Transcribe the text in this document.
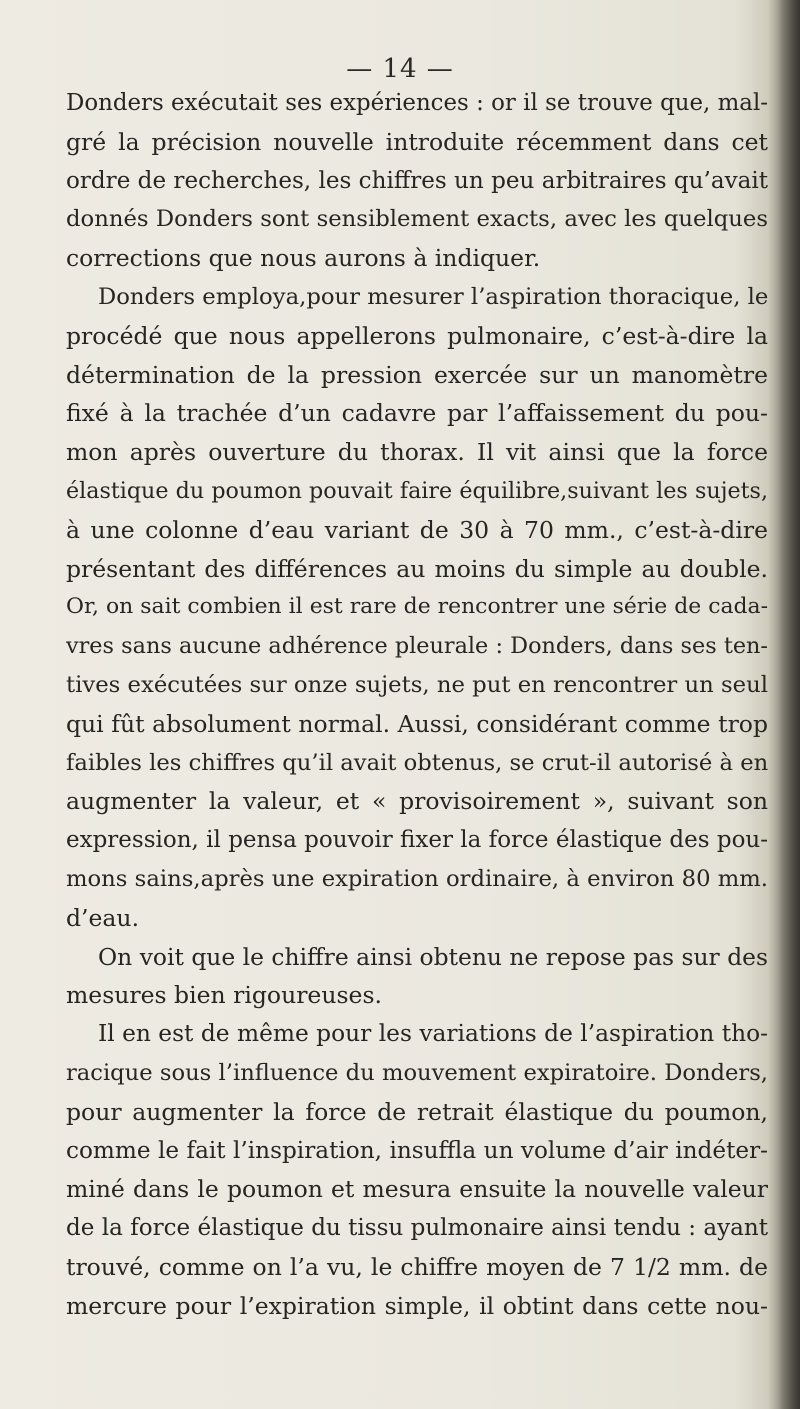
— 14 —
Donders exécutait ses expériences : or il se trouve que, mal-
gré la précision nouvelle introduite récemment dans cet
ordre de recherches, les chiffres un peu arbitraires qu’avait
donnés Donders sont sensiblement exacts, avec les quelques
corrections que nous aurons à indiquer.
Donders employa,pour mesurer l’aspiration thoracique, le
procédé que nous appellerons pulmonaire, c’est-à-dire la
détermination de la pression exercée sur un manomètre
fixé à la trachée d’un cadavre par l’affaissement du pou-
mon après ouverture du thorax. Il vit ainsi que la force
élastique du poumon pouvait faire équilibre,suivant les sujets,
à une colonne d’eau variant de 30 à 70 mm., c’est-à-dire
présentant des différences au moins du simple au double.
Or, on sait combien il est rare de rencontrer une série de cada-
vres sans aucune adhérence pleurale : Donders, dans ses ten-
tives exécutées sur onze sujets, ne put en rencontrer un seul
qui fût absolument normal. Aussi, considérant comme trop
faibles les chiffres qu’il avait obtenus, se crut-il autorisé à en
augmenter la valeur, et « provisoirement », suivant son
expression, il pensa pouvoir fixer la force élastique des pou-
mons sains,après une expiration ordinaire, à environ 80 mm.
d’eau.
On voit que le chiffre ainsi obtenu ne repose pas sur des
mesures bien rigoureuses.
Il en est de même pour les variations de l’aspiration tho-
racique sous l’influence du mouvement expiratoire. Donders,
pour augmenter la force de retrait élastique du poumon,
comme le fait l’inspiration, insuffla un volume d’air indéter-
miné dans le poumon et mesura ensuite la nouvelle valeur
de la force élastique du tissu pulmonaire ainsi tendu : ayant
trouvé, comme on l’a vu, le chiffre moyen de 7 1/2 mm. de
mercure pour l’expiration simple, il obtint dans cette nou-
